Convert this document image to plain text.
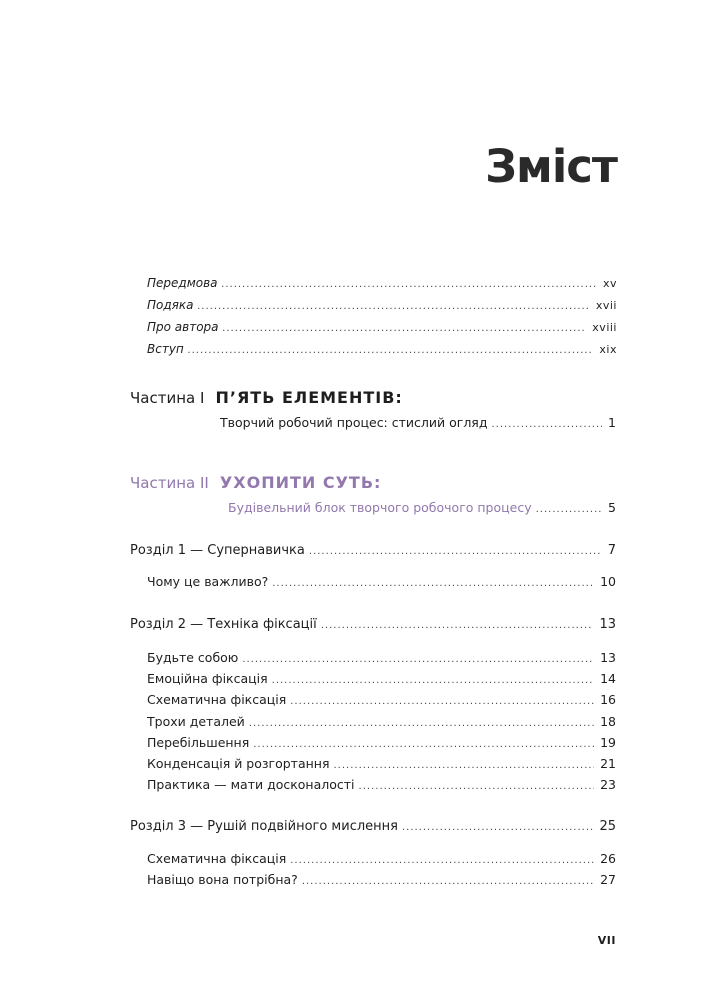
Зміст
Передмова .....	xv
Подяка .....	xvii
Про автора .....	xviii
Вступ .....	xix
Частина I П’ЯТЬ ЕЛЕМЕНТІВ:
Творчий робочий процес: стислий огляд .....	1
Частина II УХОПИТИ СУТЬ:
Будівельний блок творчого робочого процесу .....	5
Розділ 1 — Супернавичка .....	7
Чому це важливо? .....	10
Розділ 2 — Техніка фіксації .....	13
Будьте собою .....	13
Емоційна фіксація .....	14
Схематична фіксація .....	16
Трохи деталей .....	18
Перебільшення .....	19
Конденсація й розгортання .....	21
Практика — мати досконалості .....	23
Розділ 3 — Рушій подвійного мислення .....	25
Схематична фіксація .....	26
Навіщо вона потрібна? .....	27
VII
